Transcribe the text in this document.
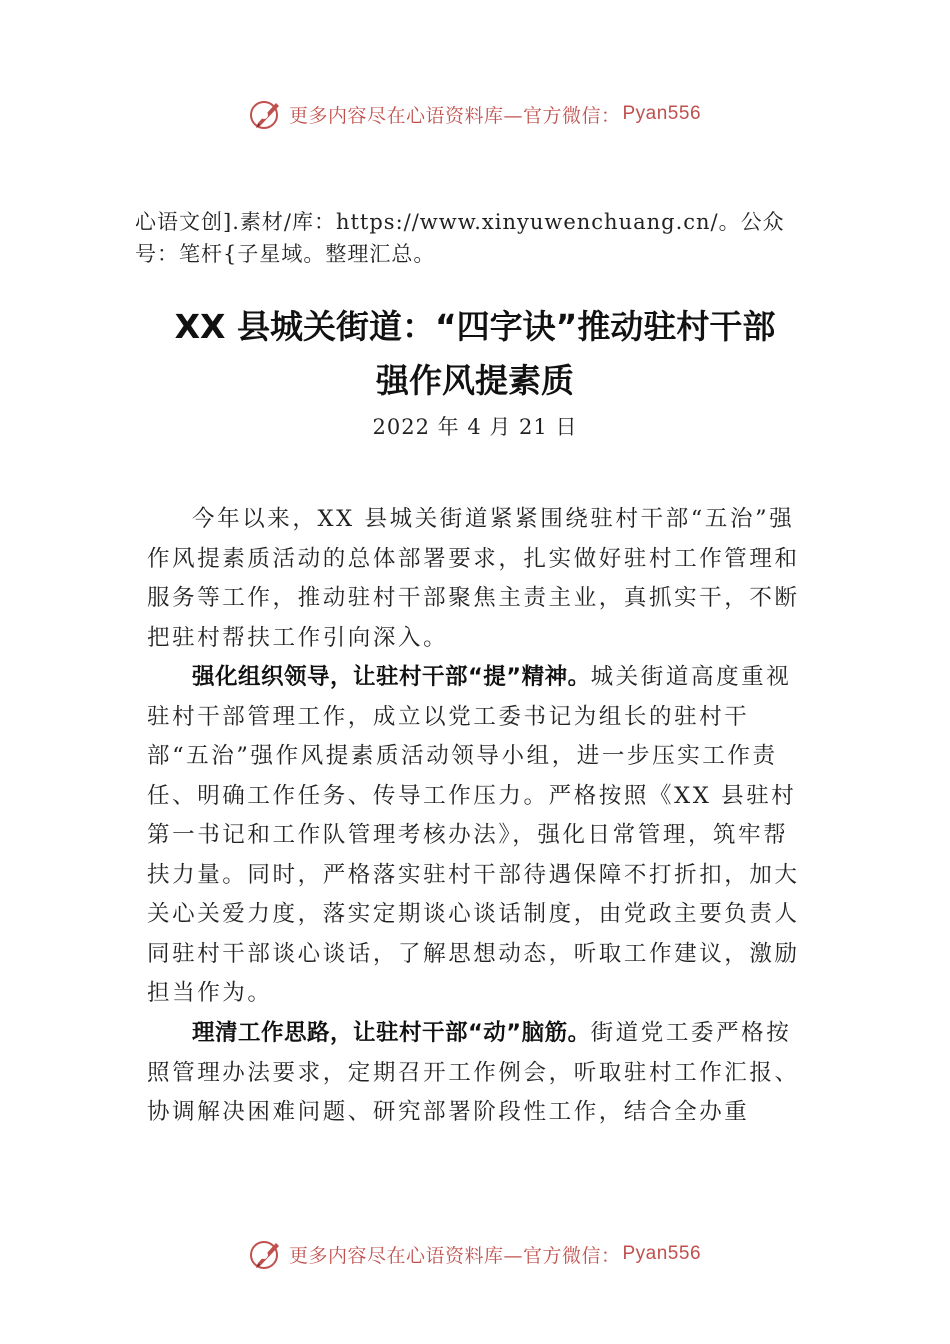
更多内容尽在心语资料库—官方微信： Pyan556
心语文创].素材/库：https://www.xinyuwenchuang.cn/。公众号：笔杆{子星域。整理汇总。
XX 县城关街道：“四字诀”推动驻村干部
强作风提素质
2022 年 4 月 21 日
今年以来，XX 县城关街道紧紧围绕驻村干部“五治”强作风提素质活动的总体部署要求，扎实做好驻村工作管理和服务等工作，推动驻村干部聚焦主责主业，真抓实干，不断把驻村帮扶工作引向深入。
强化组织领导，让驻村干部“提”精神。城关街道高度重视驻村干部管理工作，成立以党工委书记为组长的驻村干部“五治”强作风提素质活动领导小组，进一步压实工作责任、明确工作任务、传导工作压力。严格按照《XX 县驻村第一书记和工作队管理考核办法》，强化日常管理，筑牢帮扶力量。同时，严格落实驻村干部待遇保障不打折扣，加大关心关爱力度，落实定期谈心谈话制度，由党政主要负责人同驻村干部谈心谈话，了解思想动态，听取工作建议，激励担当作为。
理清工作思路，让驻村干部“动”脑筋。街道党工委严格按照管理办法要求，定期召开工作例会，听取驻村工作汇报、协调解决困难问题、研究部署阶段性工作，结合全办重
更多内容尽在心语资料库—官方微信： Pyan556
